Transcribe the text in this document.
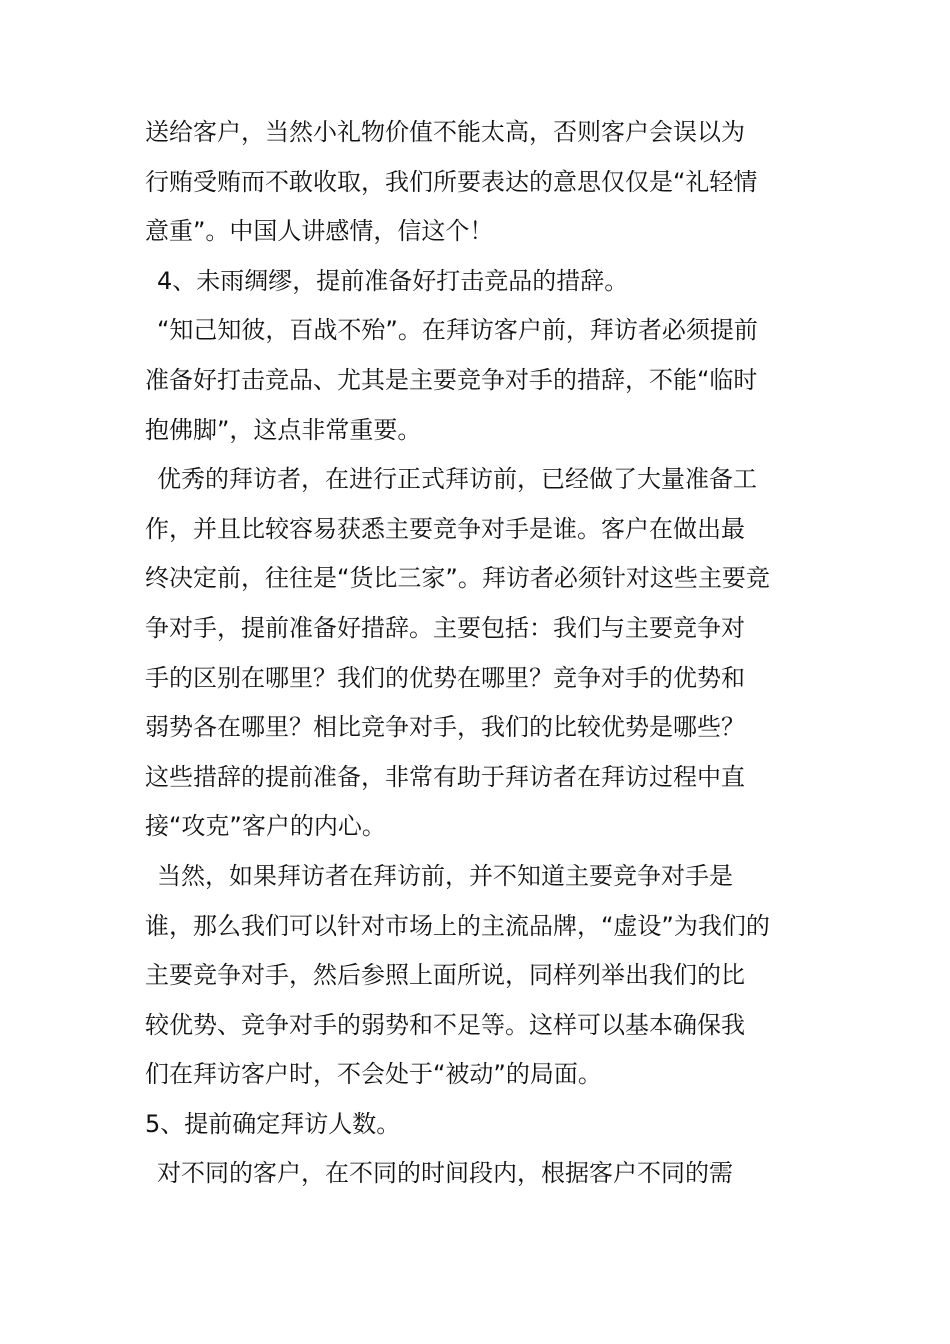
送给客户，当然小礼物价值不能太高，否则客户会误以为
行贿受贿而不敢收取，我们所要表达的意思仅仅是“礼轻情
意重”。中国人讲感情，信这个！
4、未雨绸缪，提前准备好打击竞品的措辞。
“知己知彼，百战不殆”。在拜访客户前，拜访者必须提前
准备好打击竞品、尤其是主要竞争对手的措辞，不能“临时
抱佛脚”，这点非常重要。
优秀的拜访者，在进行正式拜访前，已经做了大量准备工
作，并且比较容易获悉主要竞争对手是谁。客户在做出最
终决定前，往往是“货比三家”。拜访者必须针对这些主要竞
争对手，提前准备好措辞。主要包括：我们与主要竞争对
手的区别在哪里？我们的优势在哪里？竞争对手的优势和
弱势各在哪里？相比竞争对手，我们的比较优势是哪些？
这些措辞的提前准备，非常有助于拜访者在拜访过程中直
接“攻克”客户的内心。
当然，如果拜访者在拜访前，并不知道主要竞争对手是
谁，那么我们可以针对市场上的主流品牌，“虚设”为我们的
主要竞争对手，然后参照上面所说，同样列举出我们的比
较优势、竞争对手的弱势和不足等。这样可以基本确保我
们在拜访客户时，不会处于“被动”的局面。
5、提前确定拜访人数。
对不同的客户，在不同的时间段内，根据客户不同的需
